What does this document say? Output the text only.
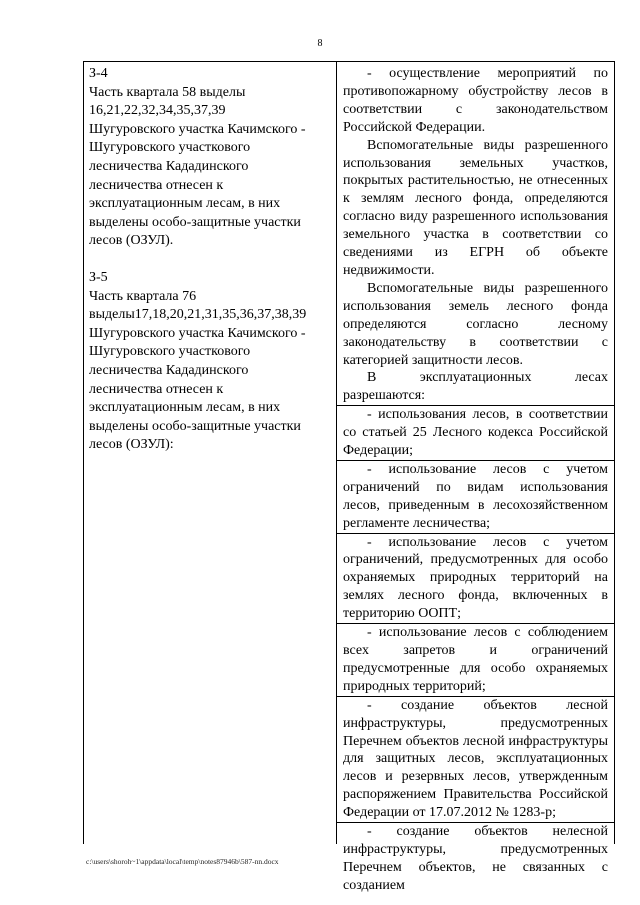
8
З-4
Часть квартала 58 выделы
16,21,22,32,34,35,37,39
Шугуровского участка Качимского -
Шугуровского участкового
лесничества Кададинского
лесничества отнесен к
эксплуатационным лесам, в них
выделены особо-защитные участки
лесов (ОЗУЛ).
З-5
Часть квартала 76
выделы17,18,20,21,31,35,36,37,38,39
Шугуровского участка Качимского -
Шугуровского участкового
лесничества Кададинского
лесничества отнесен к
эксплуатационным лесам, в них
выделены особо-защитные участки
лесов (ОЗУЛ):

- осуществление мероприятий по противопожарному обустройству лесов в соответствии с законодательством Российской Федерации.

Вспомогательные виды разрешенного использования земельных участков, покрытых растительностью, не отнесенных к землям лесного фонда, определяются согласно виду разрешенного использования земельного участка в соответствии со сведениями из ЕГРН об объекте недвижимости.

Вспомогательные виды разрешенного использования земель лесного фонда определяются согласно лесному законодательству в соответствии с категорией защитности лесов.

В эксплуатационных лесах разрешаются:

- использования лесов, в соответствии со статьей 25 Лесного кодекса Российской Федерации;

- использование лесов с учетом ограничений по видам использования лесов, приведенным в лесохозяйственном регламенте лесничества;

- использование лесов с учетом ограничений, предусмотренных для особо охраняемых природных территорий на землях лесного фонда, включенных в территорию ООПТ;

- использование лесов с соблюдением всех запретов и ограничений предусмотренные для особо охраняемых природных территорий;

- создание объектов лесной инфраструктуры, предусмотренных Перечнем объектов лесной инфраструктуры для защитных лесов, эксплуатационных лесов и резервных лесов, утвержденным распоряжением Правительства Российской Федерации от 17.07.2012 № 1283-р;

- создание объектов нелесной инфраструктуры, предусмотренных Перечнем объектов, не связанных с созданием

c:\users\shoroh~1\appdata\local\temp\notes87946b\587-nn.docx
